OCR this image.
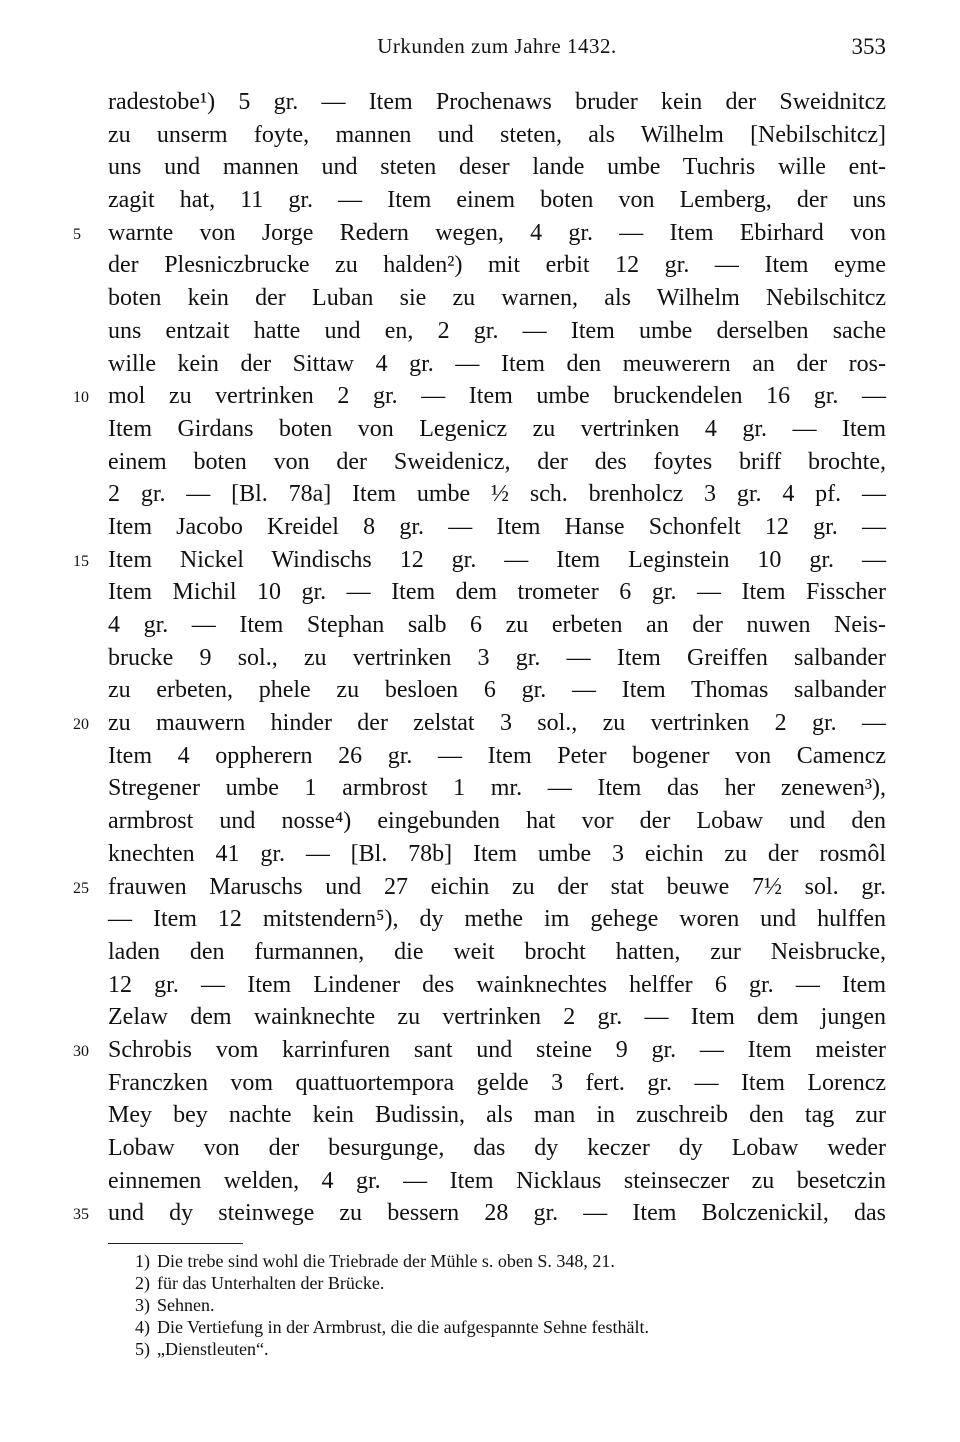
Urkunden zum Jahre 1432.	353
radestobe¹) 5 gr. — Item Prochenaws bruder kein der Sweidnitcz
zu unserm foyte, mannen und steten, als Wilhelm [Nebilschitcz]
uns und mannen und steten deser lande umbe Tuchris wille ent-
zagit hat, 11 gr. — Item einem boten von Lemberg, der uns
warnte von Jorge Redern wegen, 4 gr. — Item Ebirhard von
5
der Plesniczbrucke zu halden²) mit erbit 12 gr. — Item eyme
boten kein der Luban sie zu warnen, als Wilhelm Nebilschitcz
uns entzait hatte und en, 2 gr. — Item umbe derselben sache
wille kein der Sittaw 4 gr. — Item den meuwerern an der ros-
mol zu vertrinken 2 gr. — Item umbe bruckendelen 16 gr. —
10
Item Girdans boten von Legenicz zu vertrinken 4 gr. — Item
einem boten von der Sweidenicz, der des foytes briff brochte,
2 gr. — [Bl. 78a] Item umbe ½ sch. brenholcz 3 gr. 4 pf. —
Item Jacobo Kreidel 8 gr. — Item Hanse Schonfelt 12 gr. —
Item Nickel Windischs 12 gr. — Item Leginstein 10 gr. —
15
Item Michil 10 gr. — Item dem trometer 6 gr. — Item Fisscher
4 gr. — Item Stephan salb 6 zu erbeten an der nuwen Neis-
brucke 9 sol., zu vertrinken 3 gr. — Item Greiffen salbander
zu erbeten, phele zu besloen 6 gr. — Item Thomas salbander
zu mauwern hinder der zelstat 3 sol., zu vertrinken 2 gr. —
20
Item 4 oppherern 26 gr. — Item Peter bogener von Camencz
Stregener umbe 1 armbrost 1 mr. — Item das her zenewen³),
armbrost und nosse⁴) eingebunden hat vor der Lobaw und den
knechten 41 gr. — [Bl. 78b] Item umbe 3 eichin zu der rosmôl
frauwen Maruschs und 27 eichin zu der stat beuwe 7½ sol. gr.
25
— Item 12 mitstendern⁵), dy methe im gehege woren und hulffen
laden den furmannen, die weit brocht hatten, zur Neisbrucke,
12 gr. — Item Lindener des wainknechtes helffer 6 gr. — Item
Zelaw dem wainknechte zu vertrinken 2 gr. — Item dem jungen
Schrobis vom karrinfuren sant und steine 9 gr. — Item meister
30
Franczken vom quattuortempora gelde 3 fert. gr. — Item Lorencz
Mey bey nachte kein Budissin, als man in zuschreib den tag zur
Lobaw von der besurgunge, das dy keczer dy Lobaw weder
einnemen welden, 4 gr. — Item Nicklaus steinseczer zu besetczin
und dy steinwege zu bessern 28 gr. — Item Bolczenickil, das
35
1) Die trebe sind wohl die Triebrade der Mühle s. oben S. 348, 21.
2) für das Unterhalten der Brücke.
3) Sehnen.
4) Die Vertiefung in der Armbrust, die die aufgespannte Sehne festhält.
5) „Dienstleuten“.
